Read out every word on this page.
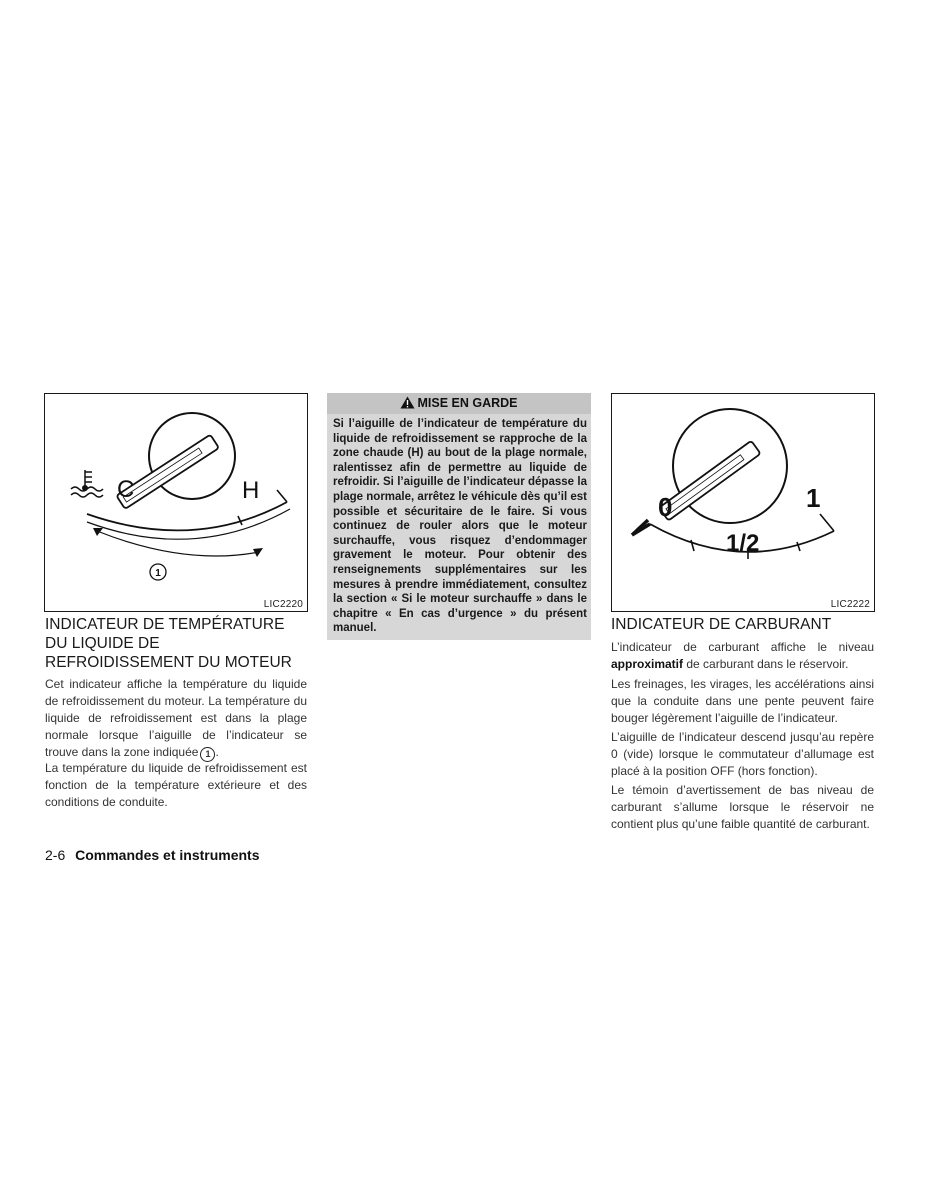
C	H
1
LIC2220
INDICATEUR DE TEMPÉRATURE DU LIQUIDE DE REFROIDISSEMENT DU MOTEUR

Cet indicateur affiche la température du liquide de refroidissement du moteur. La température du liquide de refroidissement est dans la plage normale lorsque l’aiguille de l’indicateur se trouve dans la zone indiquée 1 .

La température du liquide de refroidissement est fonction de la température extérieure et des conditions de conduite.

MISE EN GARDE

Si l’aiguille de l’indicateur de température du liquide de refroidissement se rapproche de la zone chaude (H) au bout de la plage normale, ralentissez afin de permettre au liquide de refroidir. Si l’aiguille de l’indicateur dépasse la plage normale, arrêtez le véhicule dès qu’il est possible et sécuritaire de le faire. Si vous continuez de rouler alors que le moteur surchauffe, vous risquez d’endommager gravement le moteur. Pour obtenir des renseignements supplémentaires sur les mesures à prendre immédiatement, consultez la section « Si le moteur surchauffe » dans le chapitre « En cas d’urgence » du présent manuel.

0
1/2
1
LIC2222
INDICATEUR DE CARBURANT

L’indicateur de carburant affiche le niveau approximatif de carburant dans le réservoir.

Les freinages, les virages, les accélérations ainsi que la conduite dans une pente peuvent faire bouger légèrement l’aiguille de l’indicateur.

L’aiguille de l’indicateur descend jusqu’au repère 0 (vide) lorsque le commutateur d’allumage est placé à la position OFF (hors fonction).

Le témoin d’avertissement de bas niveau de carburant s’allume lorsque le réservoir ne contient plus qu’une faible quantité de carburant.

2-6 Commandes et instruments
